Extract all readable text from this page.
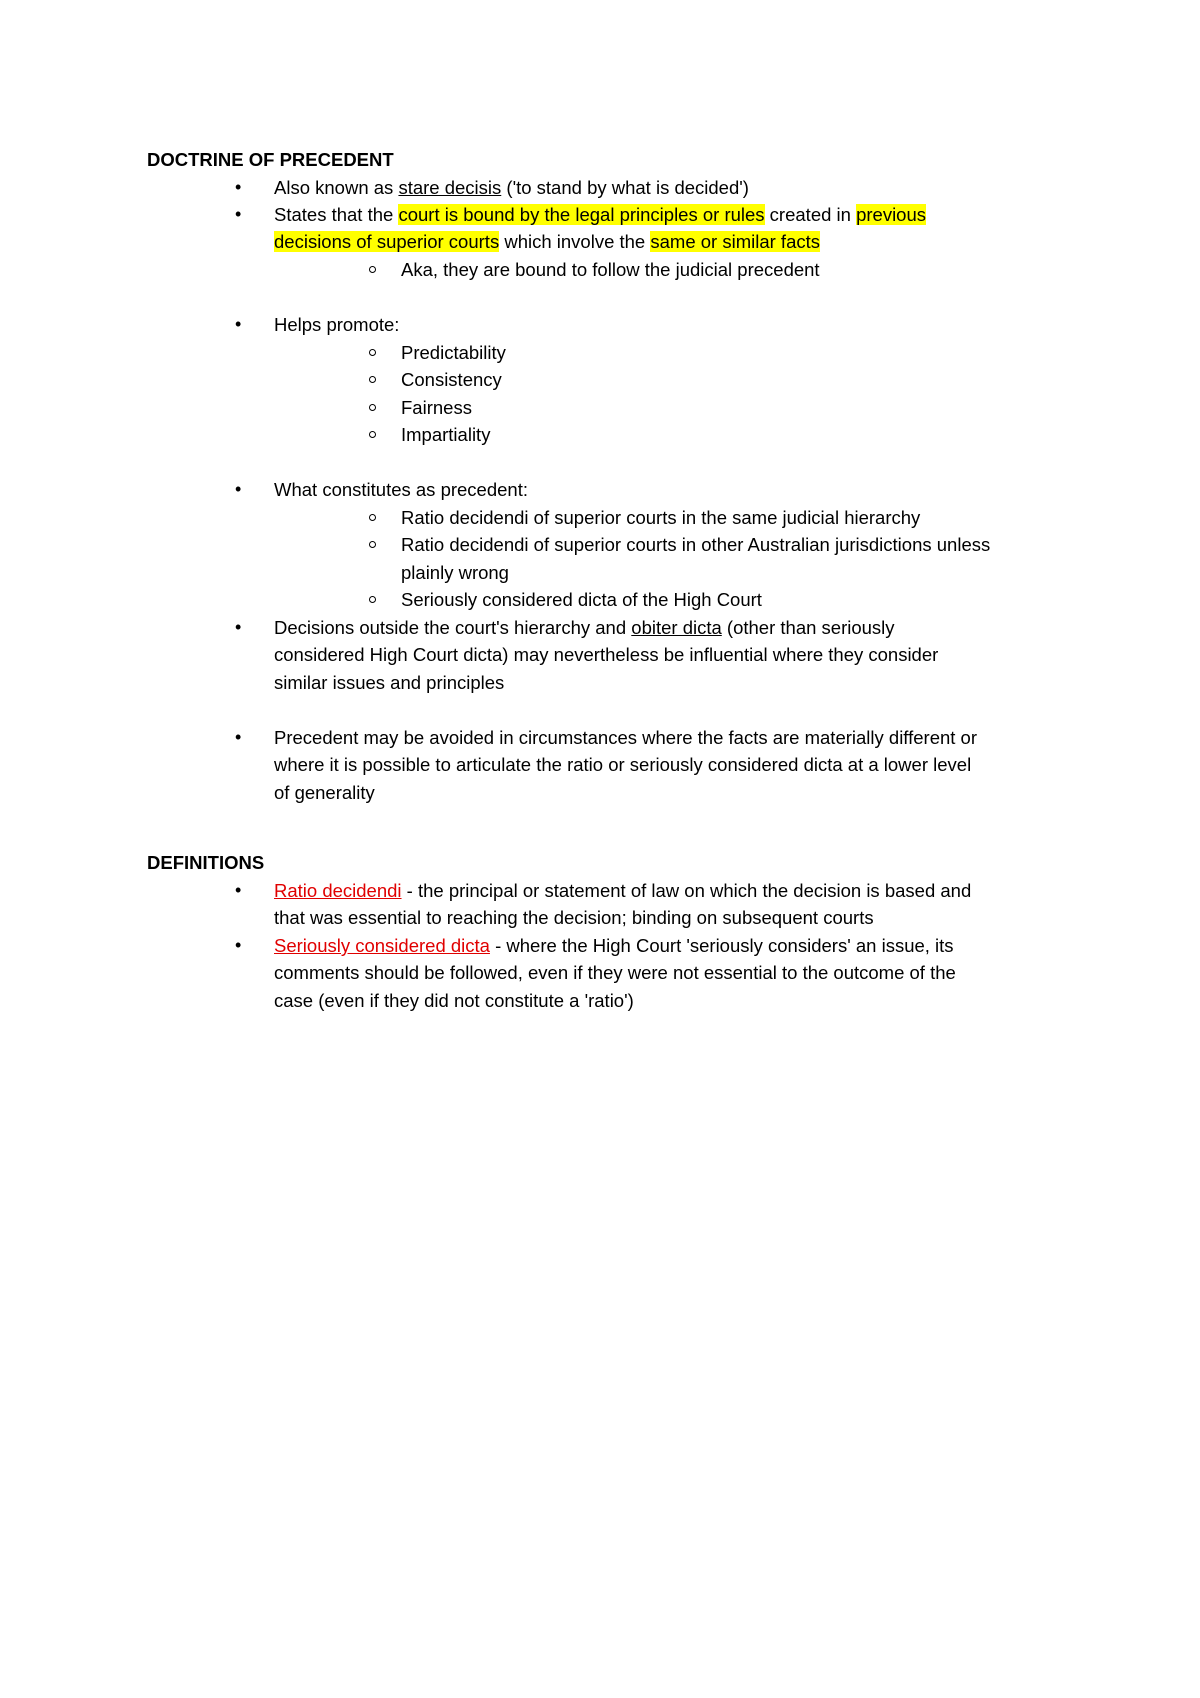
DOCTRINE OF PRECEDENT
• Also known as stare decisis ('to stand by what is decided')
• States that the court is bound by the legal principles or rules created in previous
decisions of superior courts which involve the same or similar facts
Aka, they are bound to follow the judicial precedent
• Helps promote:
Predictability
Consistency
Fairness
Impartiality
• What constitutes as precedent:
Ratio decidendi of superior courts in the same judicial hierarchy
Ratio decidendi of superior courts in other Australian jurisdictions unless
plainly wrong
Seriously considered dicta of the High Court
• Decisions outside the court's hierarchy and obiter dicta (other than seriously
considered High Court dicta) may nevertheless be influential where they consider
similar issues and principles
• Precedent may be avoided in circumstances where the facts are materially different or
where it is possible to articulate the ratio or seriously considered dicta at a lower level
of generality
DEFINITIONS
• Ratio decidendi - the principal or statement of law on which the decision is based and
that was essential to reaching the decision; binding on subsequent courts
• Seriously considered dicta - where the High Court 'seriously considers' an issue, its
comments should be followed, even if they were not essential to the outcome of the
case (even if they did not constitute a 'ratio')
